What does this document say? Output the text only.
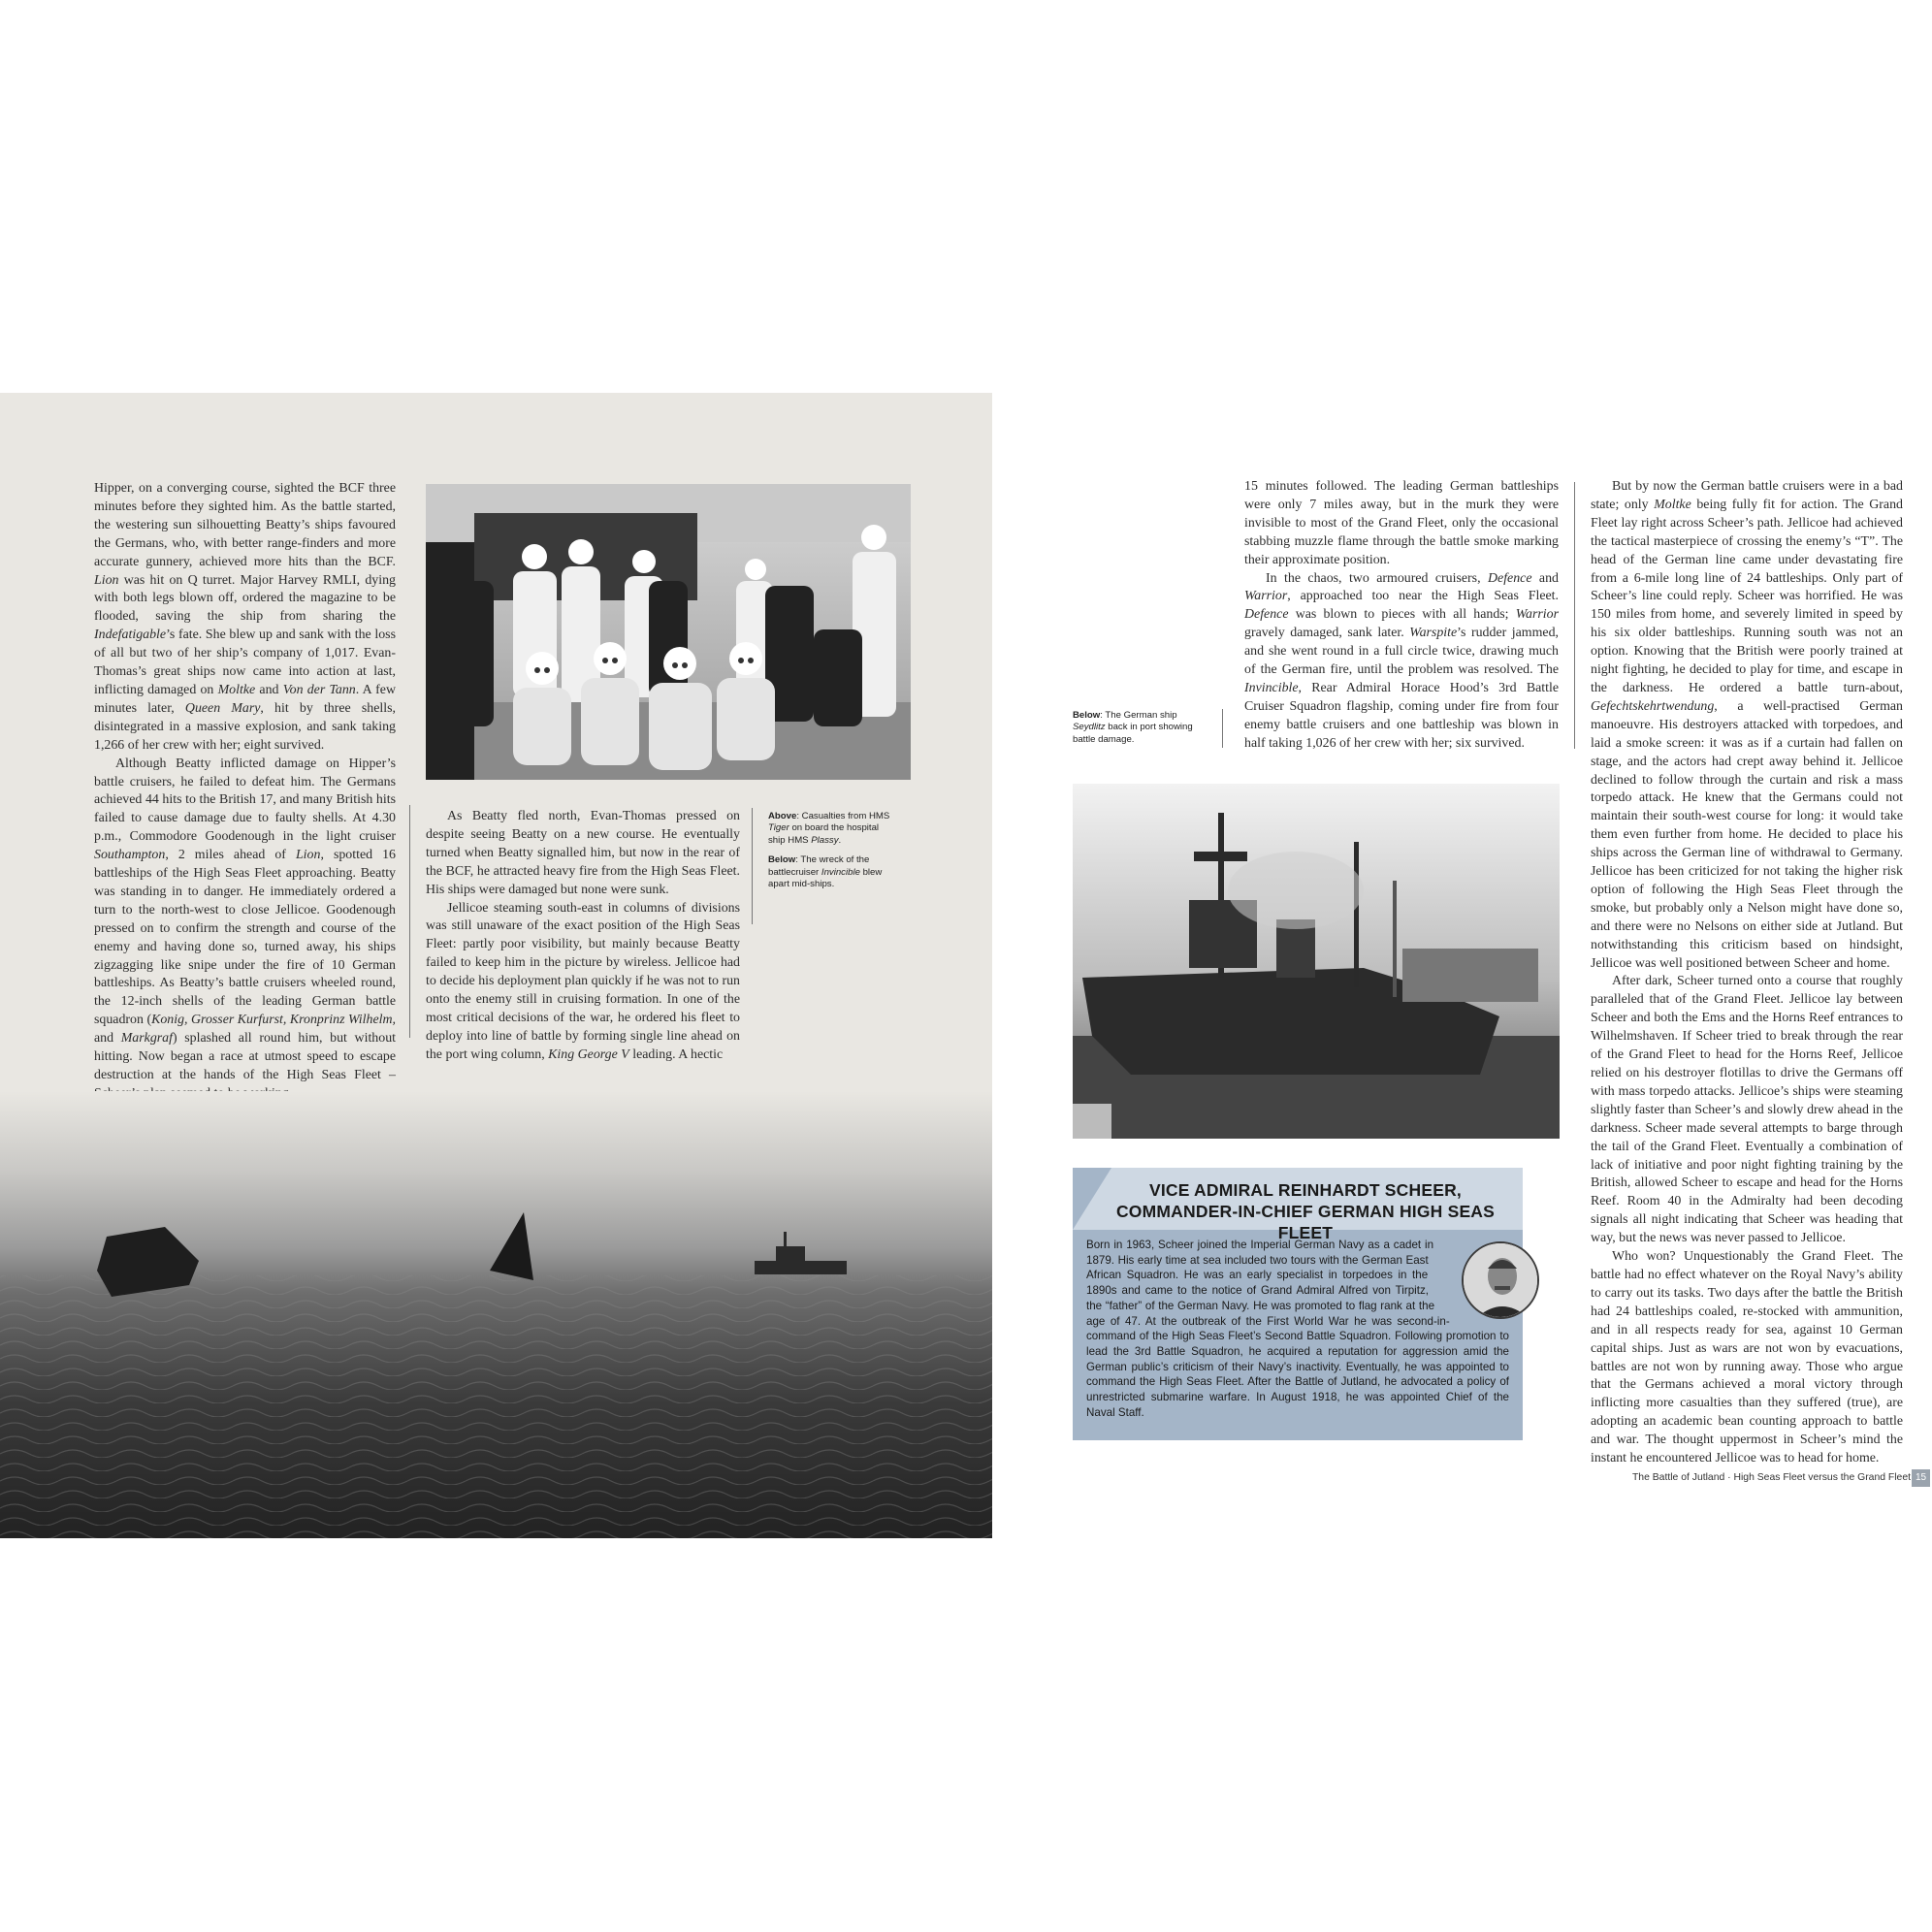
Hipper, on a converging course, sighted the BCF three minutes before they sighted him. As the battle started, the westering sun silhouetting Beatty’s ships favoured the Germans, who, with better range-finders and more accurate gunnery, achieved more hits than the BCF. Lion was hit on Q turret. Major Harvey RMLI, dying with both legs blown off, ordered the magazine to be flooded, saving the ship from sharing the Indefatigable’s fate. She blew up and sank with the loss of all but two of her ship’s company of 1,017. Evan-Thomas’s great ships now came into action at last, inflicting damaged on Moltke and Von der Tann. A few minutes later, Queen Mary, hit by three shells, disintegrated in a massive explosion, and sank taking 1,266 of her crew with her; eight survived.

Although Beatty inflicted damage on Hipper’s battle cruisers, he failed to defeat him. The Germans achieved 44 hits to the British 17, and many British hits failed to cause damage due to faulty shells. At 4.30 p.m., Commodore Goodenough in the light cruiser Southampton, 2 miles ahead of Lion, spotted 16 battleships of the High Seas Fleet approaching. Beatty was standing in to danger. He immediately ordered a turn to the north-west to close Jellicoe. Goodenough pressed on to confirm the strength and course of the enemy and having done so, turned away, his ships zigzagging like snipe under the fire of 10 German battleships. As Beatty’s battle cruisers wheeled round, the 12-inch shells of the leading German battle squadron (Konig, Grosser Kurfurst, Kronprinz Wilhelm, and Markgraf) splashed all round him, but without hitting. Now began a race at utmost speed to escape destruction at the hands of the High Seas Fleet –

As Beatty fled north, Evan-Thomas pressed on despite seeing Beatty on a new course. He eventually turned when Beatty signalled him, but now in the rear of the BCF, he attracted heavy fire from the High Seas Fleet. His ships were damaged but none were sunk.

Jellicoe steaming south-east in columns of divisions was still unaware of the exact position of the High Seas Fleet: partly poor visibility, but mainly because Beatty failed to keep him in the picture by wireless. Jellicoe had to decide his deployment plan quickly if he was not to run onto the enemy still in cruising formation. In one of the most critical decisions of the war, he ordered his fleet to deploy into line of battle by forming single line ahead on the port wing column, King George V leading. A hectic

Above: Casualties from HMS Tiger on board the hospital ship HMS Plassy.

Below: The wreck of the battlecruiser Invincible blew apart mid-ships.

Below: The German ship Seydlitz back in port showing battle damage.

15 minutes followed. The leading German battleships were only 7 miles away, but in the murk they were invisible to most of the Grand Fleet, only the occasional stabbing muzzle flame through the battle smoke marking their approximate position.

In the chaos, two armoured cruisers, Defence and Warrior, approached too near the High Seas Fleet. Defence was blown to pieces with all hands; Warrior gravely damaged, sank later. Warspite’s rudder jammed, and she went round in a full circle twice, drawing much of the German fire, until the problem was resolved. The Invincible, Rear Admiral Horace Hood’s 3rd Battle Cruiser Squadron flagship, coming under fire from four enemy battle cruisers and one battleship was blown in half taking 1,026 of her crew with her; six survived.

But by now the German battle cruisers were in a bad state; only Moltke being fully fit for action. The Grand Fleet lay right across Scheer’s path. Jellicoe had achieved the tactical masterpiece of crossing the enemy’s “T”. The head of the German line came under devastating fire from a 6-mile long line of 24 battleships. Only part of Scheer’s line could reply. Scheer was horrified. He was 150 miles from home, and severely limited in speed by his six older battleships. Running south was not an option. Knowing that the British were poorly trained at night fighting, he decided to play for time, and escape in the darkness. He ordered a battle turn-about, Gefechtskehrtwendung, a well-practised German manoeuvre. His destroyers attacked with torpedoes, and laid a smoke screen: it was as if a curtain had fallen on stage, and the actors had crept away behind it. Jellicoe declined to follow through the curtain and risk a mass torpedo attack. He knew that the Germans could not maintain their south-west course for long: it would take them even further from home. He decided to place his ships across the German line of withdrawal to Germany. Jellicoe has been criticized for not taking the higher risk option of following the High Seas Fleet through the smoke, but probably only a Nelson might have done so, and there were no Nelsons on either side at Jutland. But notwithstanding this criticism based on hindsight, Jellicoe was well positioned between Scheer and home.

After dark, Scheer turned onto a course that roughly paralleled that of the Grand Fleet. Jellicoe lay between Scheer and both the Ems and the Horns Reef entrances to Wilhelmshaven. If Scheer tried to break through the rear of the Grand Fleet to head for the Horns Reef, Jellicoe relied on his destroyer flotillas to drive the Germans off with mass torpedo attacks. Jellicoe’s ships were steaming slightly faster than Scheer’s and slowly drew ahead in the darkness. Scheer made several attempts to barge through the tail of the Grand Fleet. Eventually a combination of lack of initiative and poor night fighting training by the British, allowed Scheer to escape and head for the Horns Reef. Room 40 in the Admiralty had been decoding signals all night indicating that Scheer was heading that way, but the news was never passed to Jellicoe.

Who won? Unquestionably the Grand Fleet. The battle had no effect whatever on the Royal Navy’s ability to carry out its tasks. Two days after the battle the British had 24 battleships coaled, re-stocked with ammunition, and in all respects ready for sea, against 10 German capital ships. Just as wars are not won by evacuations, battles are not won by running away. Those who argue that the Germans achieved a moral victory through inflicting more casualties than they suffered (true), are adopting an academic bean counting approach to battle and war. The thought uppermost in Scheer’s mind the instant he encountered Jellicoe was to head for home.

VICE ADMIRAL REINHARDT SCHEER,
COMMANDER-IN-CHIEF GERMAN HIGH SEAS FLEET
Born in 1963, Scheer joined the Imperial German Navy as a cadet in 1879. His early time at sea included two tours with the German East African Squadron. He was an early specialist in torpedoes in the 1890s and came to the notice of Grand Admiral Alfred von Tirpitz, the “father” of the German Navy. He was promoted to flag rank at the age of 47. At the outbreak of the First World War he was second-in-command of the High Seas Fleet’s Second Battle Squadron. Following promotion to lead the 3rd Battle Squadron, he acquired a reputation for aggression amid the German public’s criticism of their Navy’s inactivity. Eventually, he was appointed to command the High Seas Fleet. After the Battle of Jutland, he advocated a policy of unrestricted submarine warfare. In August 1918, he was appointed Chief of the Naval Staff.
The Battle of Jutland · High Seas Fleet versus the Grand Fleet 15
